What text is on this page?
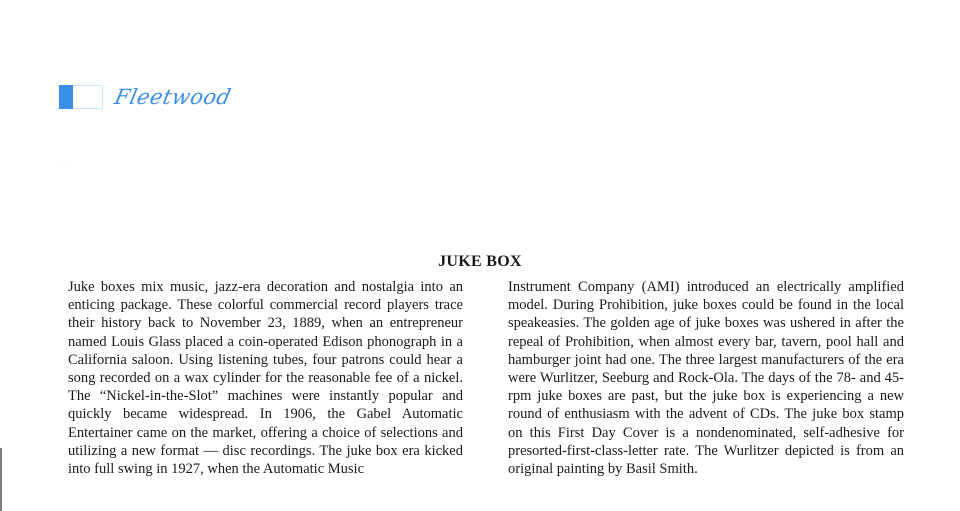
Fleetwood
·   ·
JUKE BOX

Juke boxes mix music, jazz-era decoration and nostalgia into an enticing package. These colorful commercial record players trace their history back to November 23, 1889, when an entrepreneur named Louis Glass placed a coin-operated Edison phonograph in a California saloon. Using listening tubes, four patrons could hear a song recorded on a wax cylinder for the reasonable fee of a nickel. The “Nickel-in-the-Slot” machines were instantly popular and quickly became widespread. In 1906, the Gabel Automatic Entertainer came on the market, offering a choice of selections and utilizing a new format — disc recordings. The juke box era kicked into full swing in 1927, when the Automatic Music

Instrument Company (AMI) introduced an electrically amplified model. During Prohibition, juke boxes could be found in the local speakeasies. The golden age of juke boxes was ushered in after the repeal of Prohibition, when almost every bar, tavern, pool hall and hamburger joint had one. The three largest manufacturers of the era were Wurlitzer, Seeburg and Rock-Ola. The days of the 78- and 45-rpm juke boxes are past, but the juke box is experiencing a new round of enthusiasm with the advent of CDs. The juke box stamp on this First Day Cover is a nondenominated, self-adhesive for presorted-first-class-letter rate. The Wurlitzer depicted is from an original painting by Basil Smith.
